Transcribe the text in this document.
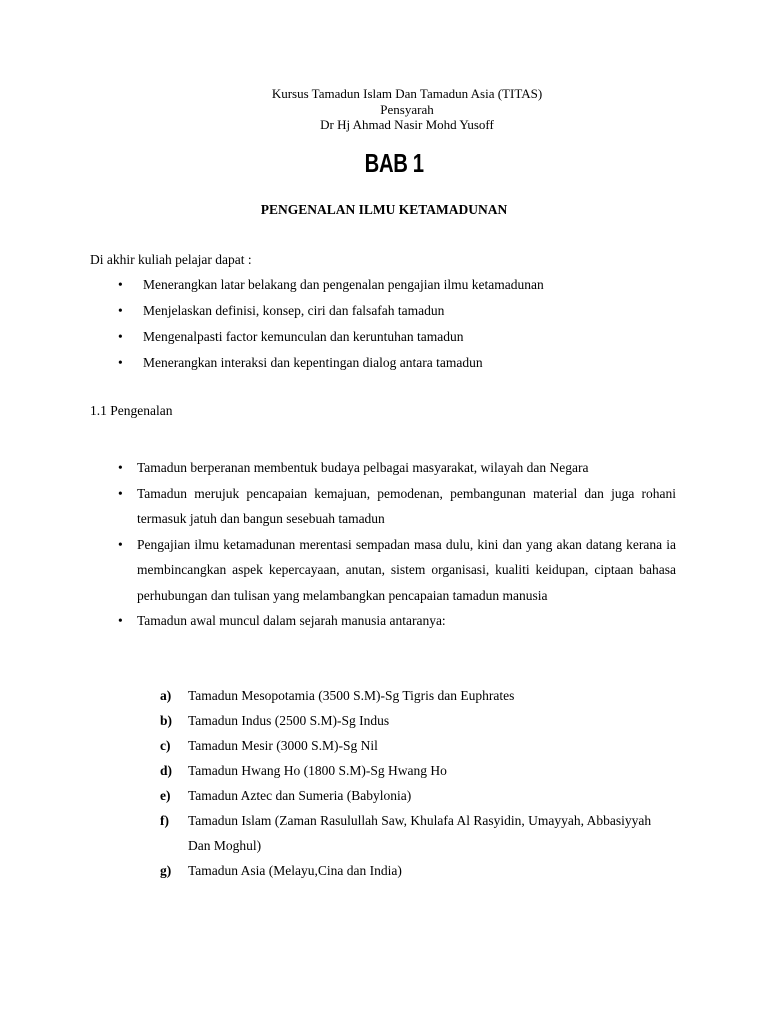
Kursus Tamadun Islam Dan Tamadun Asia (TITAS)
Pensyarah
Dr Hj Ahmad Nasir Mohd Yusoff
BAB 1
PENGENALAN ILMU KETAMADUNAN
Di akhir kuliah pelajar dapat :
• Menerangkan latar belakang dan pengenalan pengajian ilmu ketamadunan
• Menjelaskan definisi, konsep, ciri dan falsafah tamadun
• Mengenalpasti factor kemunculan dan keruntuhan tamadun
• Menerangkan interaksi dan kepentingan dialog antara tamadun
1.1 Pengenalan
• Tamadun berperanan membentuk budaya pelbagai masyarakat, wilayah dan Negara
• Tamadun merujuk pencapaian kemajuan, pemodenan, pembangunan material dan juga rohani termasuk jatuh dan bangun sesebuah tamadun
• Pengajian ilmu ketamadunan merentasi sempadan masa dulu, kini dan yang akan datang kerana ia membincangkan aspek kepercayaan, anutan, sistem organisasi, kualiti keidupan, ciptaan bahasa perhubungan dan tulisan yang melambangkan pencapaian tamadun manusia
• Tamadun awal muncul dalam sejarah manusia antaranya:
a) Tamadun Mesopotamia (3500 S.M)-Sg Tigris dan Euphrates
b) Tamadun Indus (2500 S.M)-Sg Indus
c) Tamadun Mesir (3000 S.M)-Sg Nil
d) Tamadun Hwang Ho (1800 S.M)-Sg Hwang Ho
e) Tamadun Aztec dan Sumeria (Babylonia)
f) Tamadun Islam (Zaman Rasulullah Saw, Khulafa Al Rasyidin, Umayyah, Abbasiyyah Dan Moghul)
g) Tamadun Asia (Melayu,Cina dan India)
